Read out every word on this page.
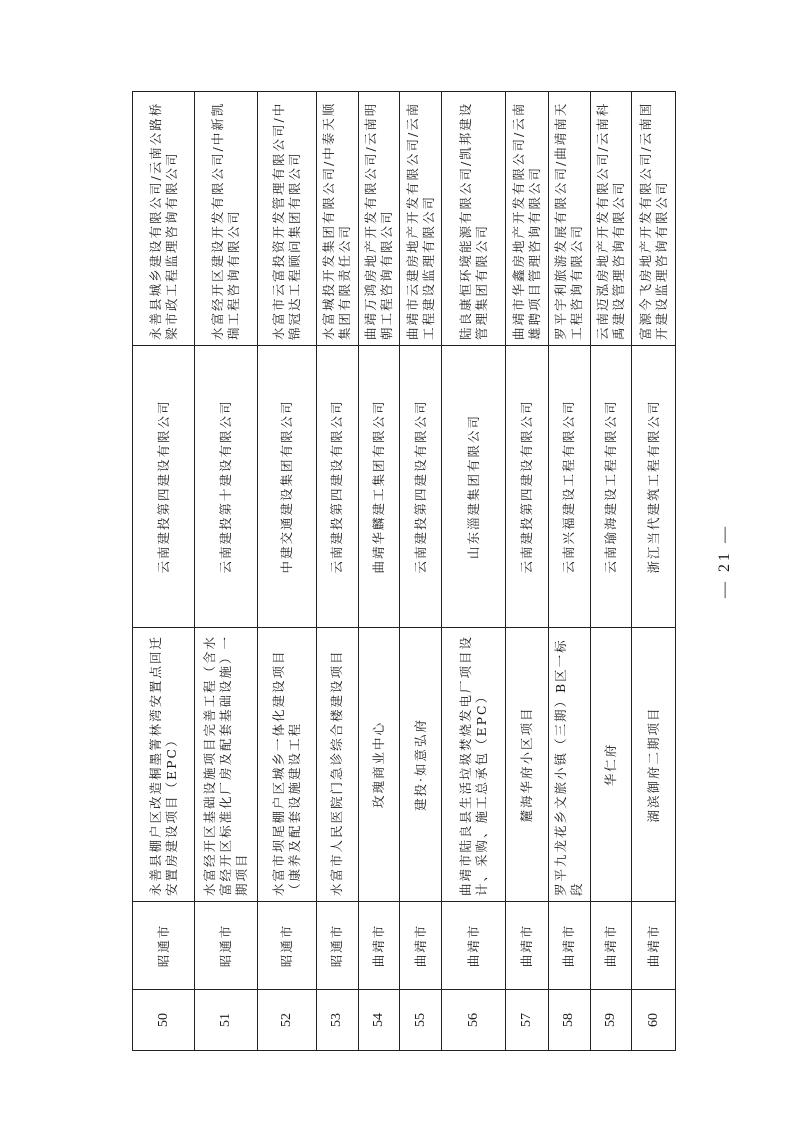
50	昭通市	永善县棚户区改造桐墨箐林湾安置点回迁安置房建设项目（EPC）	云南建投第四建设有限公司	永善县城乡建设有限公司/云南公路桥梁市政工程监理咨询有限公司
51	昭通市	水富经开区基础设施项目完善工程（含水富经开区标准化厂房及配套基础设施）一期项目	云南建投第十建设有限公司	水富经开区建设开发有限公司/中新凯瑞工程咨询有限公司
52	昭通市	水富市坝尾棚户区城乡一体化建设项目（康养及配套设施建设工程	中建交通建设集团有限公司	水富市云富投资开发管理有限公司/中锦冠达工程顾问集团有限公司
53	昭通市	水富市人民医院门急诊综合楼建设项目	云南建投第四建设有限公司	水富城投开发集团有限公司/中泰天顺集团有限责任公司
54	曲靖市	玫瑰商业中心	曲靖华麟建工集团有限公司	曲靖万鸿房地产开发有限公司/云南明朝工程咨询有限公司
55	曲靖市	建投·如意弘府	云南建投第四建设有限公司	曲靖市云建房地产开发有限公司/云南工程建设监理有限公司
56	曲靖市	曲靖市陆良县生活垃圾焚烧发电厂项目设计、采购、施工总承包（EPC）	山东淄建集团有限公司	陆良康恒环境能源有限公司/凯邦建设管理集团有限公司
57	曲靖市	麓海华府小区项目	云南建投第四建设有限公司	曲靖市华鑫房地产开发有限公司/云南雄聘项目管理咨询有限公司
58	曲靖市	罗平九龙花乡文旅小镇（三期）B区一标段	云南兴福建设工程有限公司	罗平宇利旅游发展有限公司/曲靖南天工程咨询有限公司
59	曲靖市	华仁府	云南瑜海建设工程有限公司	云南迈泓房地产开发有限公司/云南科禹建设管理咨询有限公司
60	曲靖市	湖滨御府二期项目	浙江当代建筑工程有限公司	富源今飞房地产开发有限公司/云南国开建设监理咨询有限公司
— 21 —
